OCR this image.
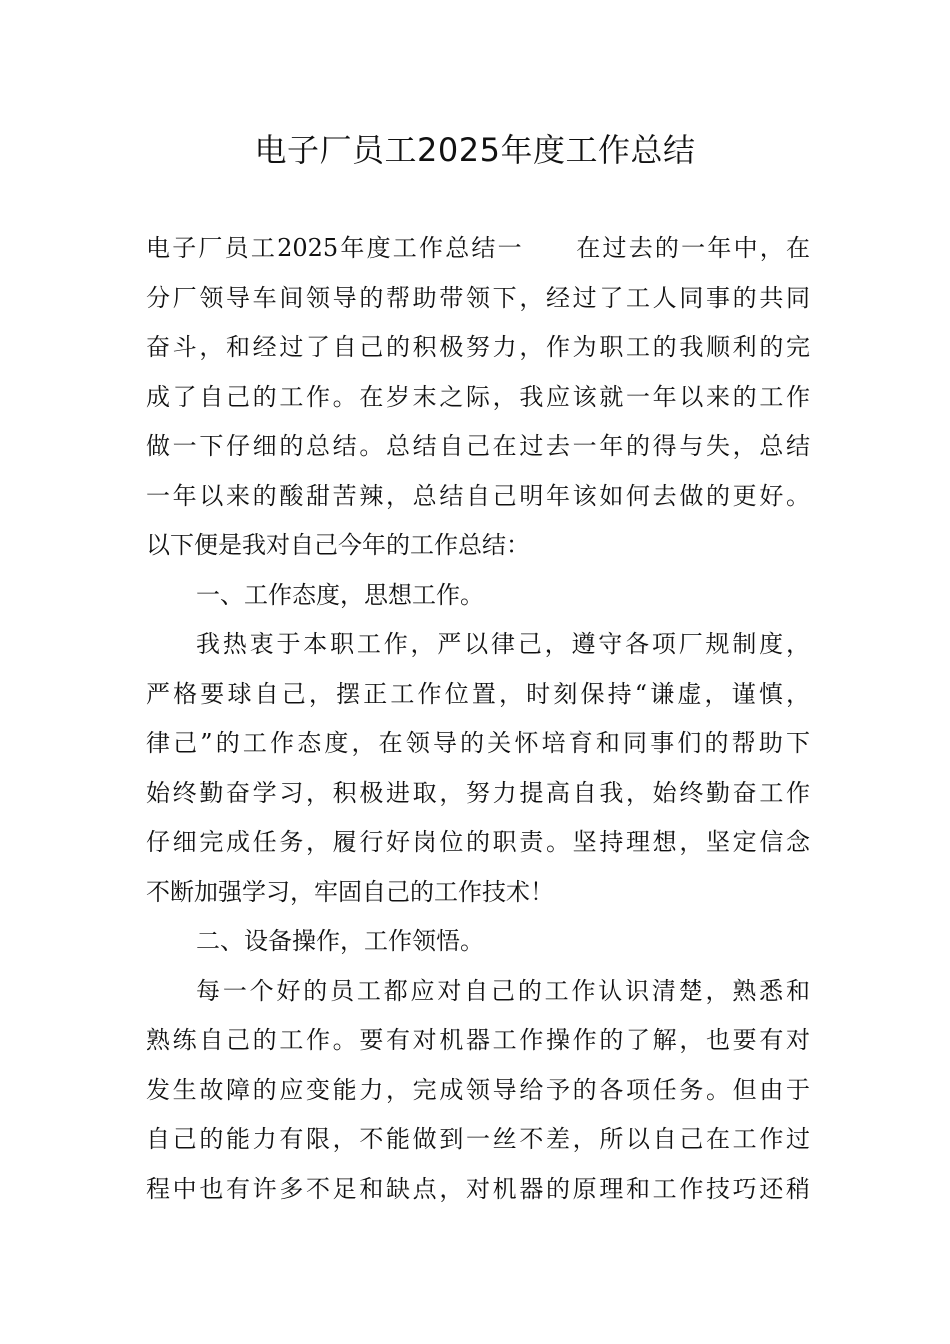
电子厂员工2025年度工作总结
电子厂员工2025年度工作总结一　　在过去的一年中，在
分厂领导车间领导的帮助带领下，经过了工人同事的共同
奋斗，和经过了自己的积极努力，作为职工的我顺利的完
成了自己的工作。在岁末之际，我应该就一年以来的工作
做一下仔细的总结。总结自己在过去一年的得与失，总结
一年以来的酸甜苦辣，总结自己明年该如何去做的更好。
以下便是我对自己今年的工作总结：
一、工作态度，思想工作。
我热衷于本职工作，严以律己，遵守各项厂规制度，
严格要球自己，摆正工作位置，时刻保持“谦虚，谨慎，
律己”的工作态度，在领导的关怀培育和同事们的帮助下
始终勤奋学习，积极进取，努力提高自我，始终勤奋工作
仔细完成任务，履行好岗位的职责。坚持理想，坚定信念
不断加强学习，牢固自己的工作技术！
二、设备操作，工作领悟。
每一个好的员工都应对自己的工作认识清楚，熟悉和
熟练自己的工作。要有对机器工作操作的了解，也要有对
发生故障的应变能力，完成领导给予的各项任务。但由于
自己的能力有限，不能做到一丝不差，所以自己在工作过
程中也有许多不足和缺点，对机器的原理和工作技巧还稍
